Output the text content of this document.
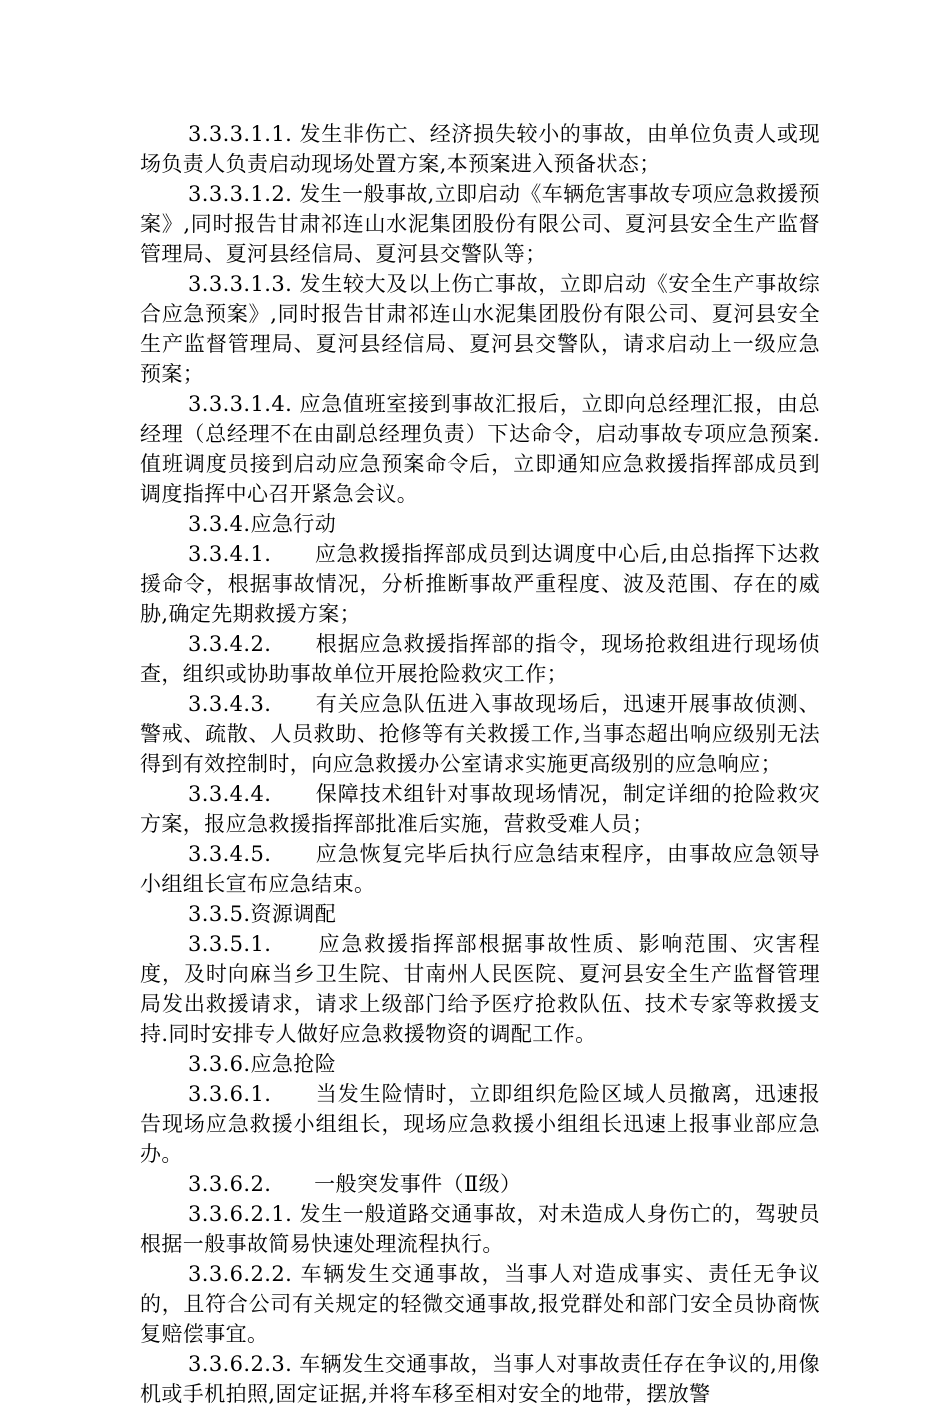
3.3.3.1.1. 发生非伤亡、经济损失较小的事故，由单位负责人或现场负责人负责启动现场处置方案,本预案进入预备状态；

3.3.3.1.2. 发生一般事故,立即启动《车辆危害事故专项应急救援预案》,同时报告甘肃祁连山水泥集团股份有限公司、夏河县安全生产监督管理局、夏河县经信局、夏河县交警队等；

3.3.3.1.3. 发生较大及以上伤亡事故，立即启动《安全生产事故综合应急预案》,同时报告甘肃祁连山水泥集团股份有限公司、夏河县安全生产监督管理局、夏河县经信局、夏河县交警队，请求启动上一级应急预案；

3.3.3.1.4. 应急值班室接到事故汇报后，立即向总经理汇报，由总经理（总经理不在由副总经理负责）下达命令，启动事故专项应急预案.值班调度员接到启动应急预案命令后，立即通知应急救援指挥部成员到调度指挥中心召开紧急会议。

3.3.4.应急行动

3.3.4.1.　　应急救援指挥部成员到达调度中心后,由总指挥下达救援命令，根据事故情况，分析推断事故严重程度、波及范围、存在的威胁,确定先期救援方案；

3.3.4.2.　　根据应急救援指挥部的指令，现场抢救组进行现场侦查，组织或协助事故单位开展抢险救灾工作；

3.3.4.3.　　有关应急队伍进入事故现场后，迅速开展事故侦测、警戒、疏散、人员救助、抢修等有关救援工作,当事态超出响应级别无法得到有效控制时，向应急救援办公室请求实施更高级别的应急响应；

3.3.4.4.　　保障技术组针对事故现场情况，制定详细的抢险救灾方案，报应急救援指挥部批准后实施，营救受难人员；

3.3.4.5.　　应急恢复完毕后执行应急结束程序，由事故应急领导小组组长宣布应急结束。

3.3.5.资源调配

3.3.5.1.　　应急救援指挥部根据事故性质、影响范围、灾害程度，及时向麻当乡卫生院、甘南州人民医院、夏河县安全生产监督管理局发出救援请求，请求上级部门给予医疗抢救队伍、技术专家等救援支持.同时安排专人做好应急救援物资的调配工作。

3.3.6.应急抢险

3.3.6.1.　　当发生险情时，立即组织危险区域人员撤离，迅速报告现场应急救援小组组长，现场应急救援小组组长迅速上报事业部应急办。

3.3.6.2.　　一般突发事件（Ⅱ级）

3.3.6.2.1. 发生一般道路交通事故，对未造成人身伤亡的，驾驶员根据一般事故简易快速处理流程执行。

3.3.6.2.2. 车辆发生交通事故，当事人对造成事实、责任无争议的，且符合公司有关规定的轻微交通事故,报党群处和部门安全员协商恢复赔偿事宜。

3.3.6.2.3. 车辆发生交通事故，当事人对事故责任存在争议的,用像机或手机拍照,固定证据,并将车移至相对安全的地带，摆放警
